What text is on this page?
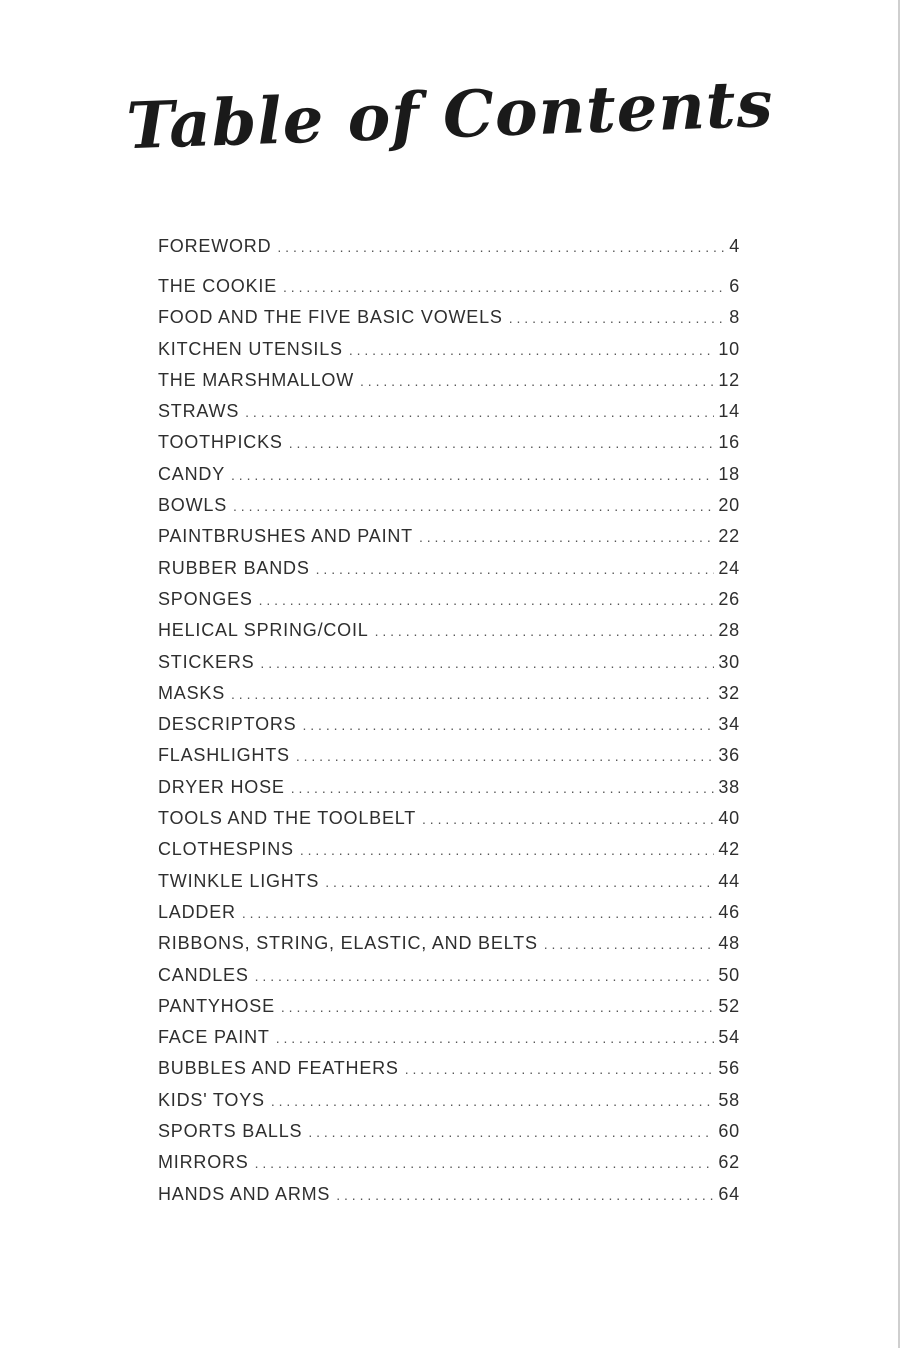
Table of Contents
FOREWORD . . .	4
THE COOKIE . . .	6
FOOD AND THE FIVE BASIC VOWELS . . .	8
KITCHEN UTENSILS . . .	10
THE MARSHMALLOW . . .	12
STRAWS . . .	14
TOOTHPICKS . . .	16
CANDY . . .	18
BOWLS . . .	20
PAINTBRUSHES AND PAINT . . .	22
RUBBER BANDS . . .	24
SPONGES . . .	26
HELICAL SPRING/COIL . . .	28
STICKERS . . .	30
MASKS . . .	32
DESCRIPTORS . . .	34
FLASHLIGHTS . . .	36
DRYER HOSE . . .	38
TOOLS AND THE TOOLBELT . . .	40
CLOTHESPINS . . .	42
TWINKLE LIGHTS . . .	44
LADDER . . .	46
RIBBONS, STRING, ELASTIC, AND BELTS . . .	48
CANDLES . . .	50
PANTYHOSE . . .	52
FACE PAINT . . .	54
BUBBLES AND FEATHERS . . .	56
KIDS' TOYS . . .	58
SPORTS BALLS . . .	60
MIRRORS . . .	62
HANDS AND ARMS . . .	64
